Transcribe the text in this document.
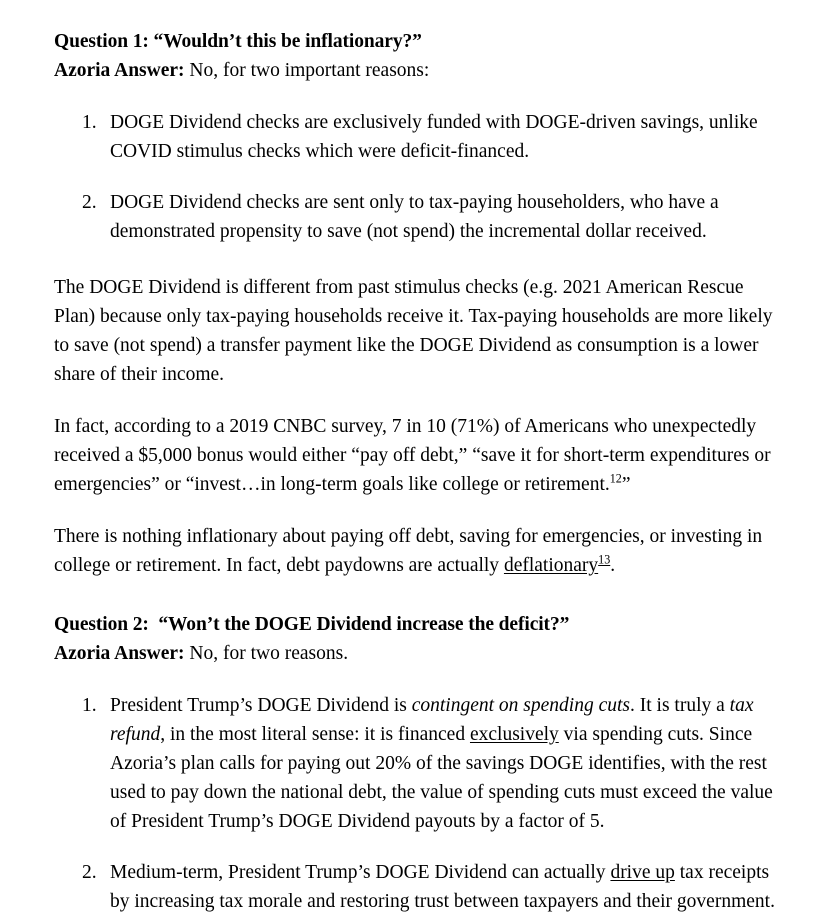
Question 1: “Wouldn’t this be inflationary?”
Azoria Answer: No, for two important reasons:
1. DOGE Dividend checks are exclusively funded with DOGE-driven savings, unlike COVID stimulus checks which were deficit-financed.
2. DOGE Dividend checks are sent only to tax-paying householders, who have a demonstrated propensity to save (not spend) the incremental dollar received.

The DOGE Dividend is different from past stimulus checks (e.g. 2021 American Rescue Plan) because only tax-paying households receive it. Tax-paying households are more likely to save (not spend) a transfer payment like the DOGE Dividend as consumption is a lower share of their income.

In fact, according to a 2019 CNBC survey, 7 in 10 (71%) of Americans who unexpectedly received a $5,000 bonus would either “pay off debt,” “save it for short-term expenditures or emergencies” or “invest…in long-term goals like college or retirement.$^{12}$”

There is nothing inflationary about paying off debt, saving for emergencies, or investing in college or retirement. In fact, debt paydowns are actually deflationary$^{13}$.

Question 2:  “Won’t the DOGE Dividend increase the deficit?”
Azoria Answer: No, for two reasons.
1. President Trump’s DOGE Dividend is contingent on spending cuts. It is truly a tax refund, in the most literal sense: it is financed exclusively via spending cuts. Since Azoria’s plan calls for paying out 20% of the savings DOGE identifies, with the rest used to pay down the national debt, the value of spending cuts must exceed the value of President Trump’s DOGE Dividend payouts by a factor of 5.
2. Medium-term, President Trump’s DOGE Dividend can actually drive up tax receipts by increasing tax morale and restoring trust between taxpayers and their government.
